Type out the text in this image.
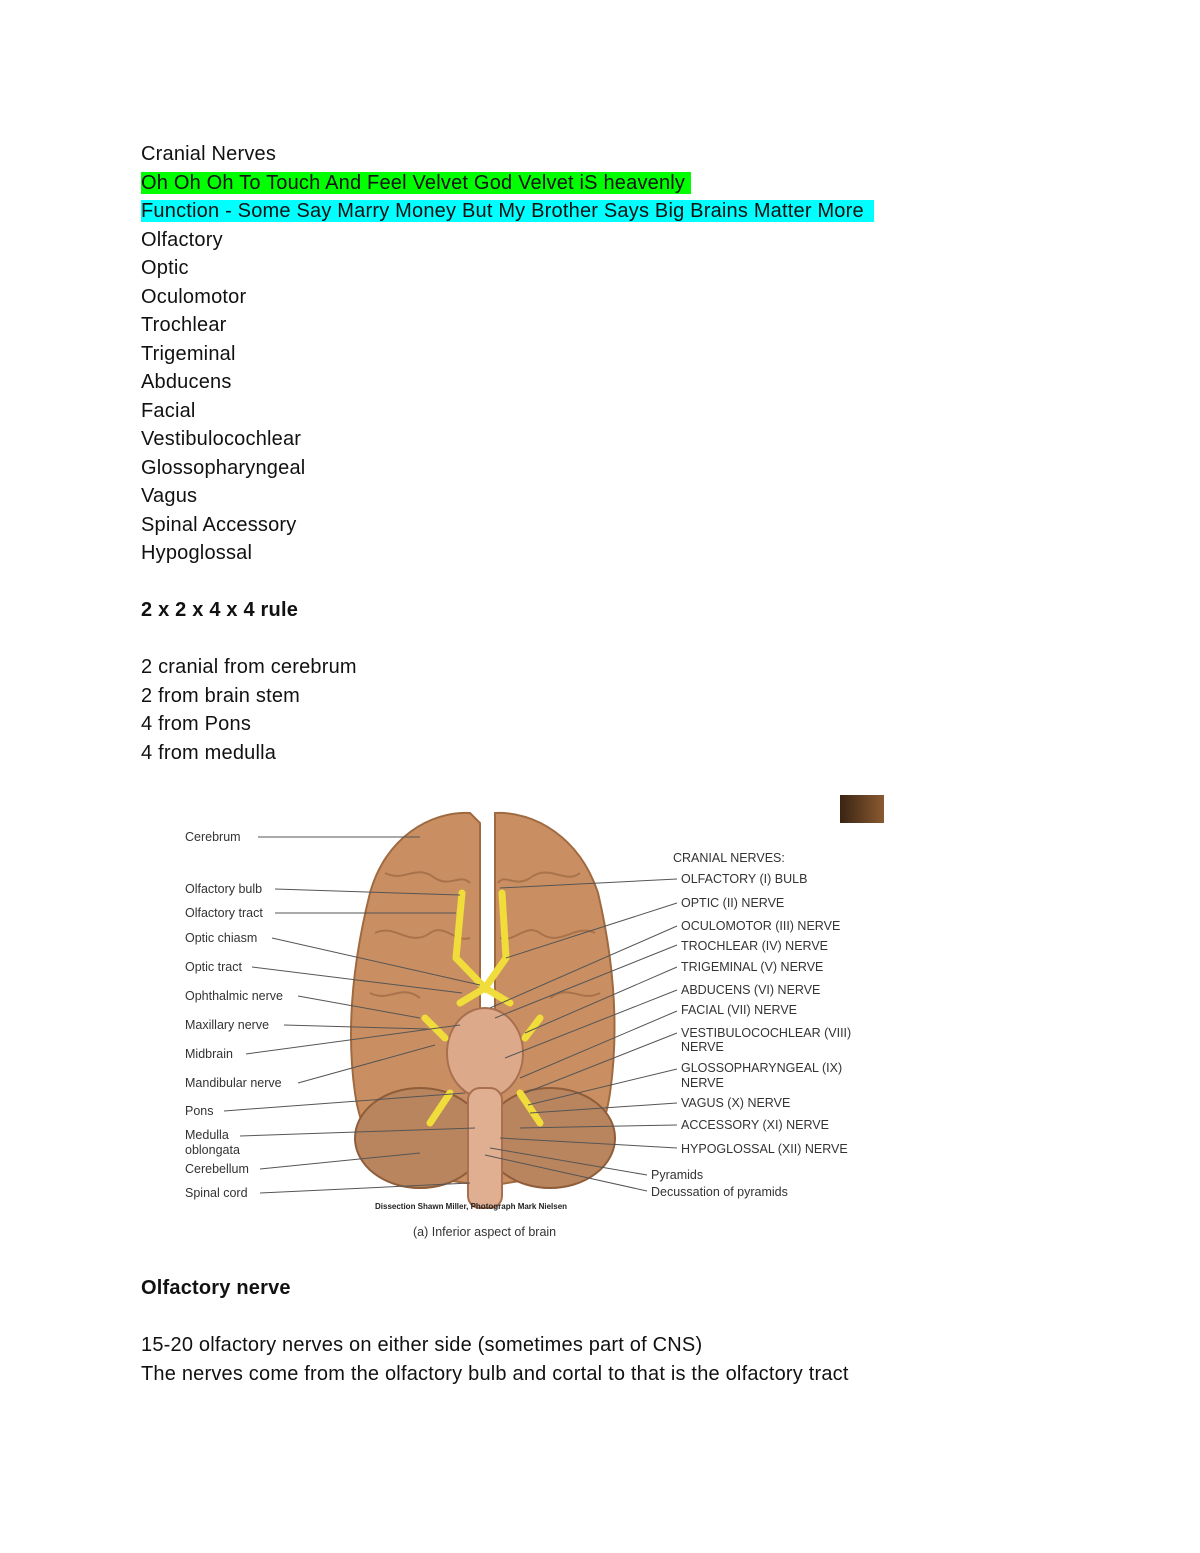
Cranial Nerves
Oh Oh Oh To Touch And Feel Velvet God Velvet iS heavenly
Function - Some Say Marry Money But My Brother Says Big Brains Matter More
Olfactory
Optic
Oculomotor
Trochlear
Trigeminal
Abducens
Facial
Vestibulocochlear
Glossopharyngeal
Vagus
Spinal Accessory
Hypoglossal
2 x 2 x 4 x 4 rule
2 cranial from cerebrum
2 from brain stem
4 from Pons
4 from medulla
Cerebrum
Olfactory bulb
Olfactory tract
Optic chiasm
Optic tract
Ophthalmic nerve
Maxillary nerve
Midbrain
Mandibular nerve
Pons
Medulla
oblongata
Cerebellum
Spinal cord
CRANIAL NERVES:
OLFACTORY (I) BULB
OPTIC (II) NERVE
OCULOMOTOR (III) NERVE
TROCHLEAR (IV) NERVE
TRIGEMINAL (V) NERVE
ABDUCENS (VI) NERVE
FACIAL (VII) NERVE
VESTIBULOCOCHLEAR (VIII)
NERVE
GLOSSOPHARYNGEAL (IX)
NERVE
VAGUS (X) NERVE
ACCESSORY (XI) NERVE
HYPOGLOSSAL (XII) NERVE
Pyramids
Decussation of pyramids
Dissection Shawn Miller, Photograph Mark Nielsen
(a) Inferior aspect of brain
Olfactory nerve
15-20 olfactory nerves on either side (sometimes part of CNS)
The nerves come from the olfactory bulb and cortal to that is the olfactory tract
